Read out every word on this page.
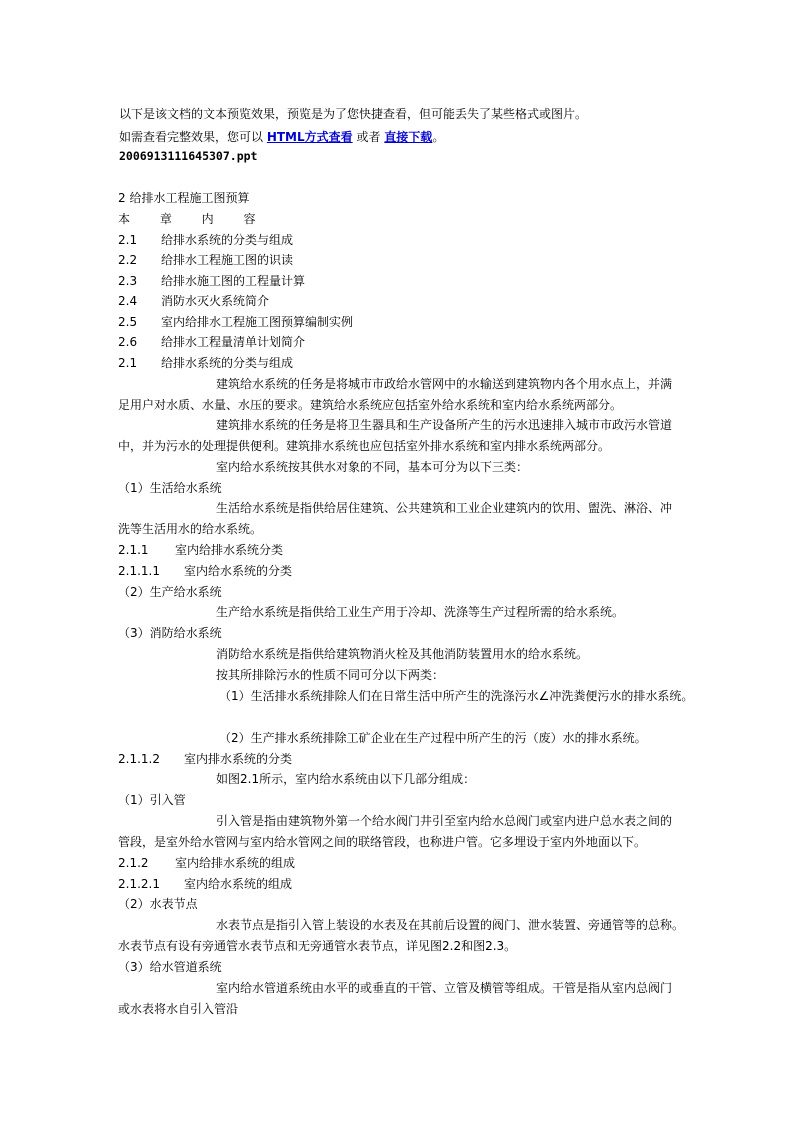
以下是该文档的文本预览效果，预览是为了您快捷查看，但可能丢失了某些格式或图片。
如需查看完整效果，您可以 HTML方式查看 或者 直接下载。
2006913111645307.ppt
2 给排水工程施工图预算
本 章 内 容
2.1 给排水系统的分类与组成
2.2 给排水工程施工图的识读
2.3 给排水施工图的工程量计算
2.4 消防水灭火系统简介
2.5 室内给排水工程施工图预算编制实例
2.6 给排水工程量清单计划简介
2.1 给排水系统的分类与组成
建筑给水系统的任务是将城市市政给水管网中的水输送到建筑物内各个用水点上，并满
足用户对水质、水量、水压的要求。建筑给水系统应包括室外给水系统和室内给水系统两部分。
建筑排水系统的任务是将卫生器具和生产设备所产生的污水迅速排入城市市政污水管道
中，并为污水的处理提供便利。建筑排水系统也应包括室外排水系统和室内排水系统两部分。
室内给水系统按其供水对象的不同，基本可分为以下三类：
（1）生活给水系统
生活给水系统是指供给居住建筑、公共建筑和工业企业建筑内的饮用、盥洗、淋浴、冲
洗等生活用水的给水系统。
2.1.1 室内给排水系统分类
2.1.1.1 室内给水系统的分类
（2）生产给水系统
生产给水系统是指供给工业生产用于冷却、洗涤等生产过程所需的给水系统。
（3）消防给水系统
消防给水系统是指供给建筑物消火栓及其他消防装置用水的给水系统。
按其所排除污水的性质不同可分以下两类：
（1）生活排水系统排除人们在日常生活中所产生的洗涤污水∠冲洗粪便污水的排水系统。
（2）生产排水系统排除工矿企业在生产过程中所产生的污（废）水的排水系统。
2.1.1.2 室内排水系统的分类
如图2.1所示，室内给水系统由以下几部分组成：
（1）引入管
引入管是指由建筑物外第一个给水阀门井引至室内给水总阀门或室内进户总水表之间的
管段，是室外给水管网与室内给水管网之间的联络管段，也称进户管。它多埋设于室内外地面以下。
2.1.2 室内给排水系统的组成
2.1.2.1 室内给水系统的组成
（2）水表节点
水表节点是指引入管上装设的水表及在其前后设置的阀门、泄水装置、旁通管等的总称。
水表节点有设有旁通管水表节点和无旁通管水表节点，详见图2.2和图2.3。
（3）给水管道系统
室内给水管道系统由水平的或垂直的干管、立管及横管等组成。干管是指从室内总阀门
或水表将水自引入管沿
